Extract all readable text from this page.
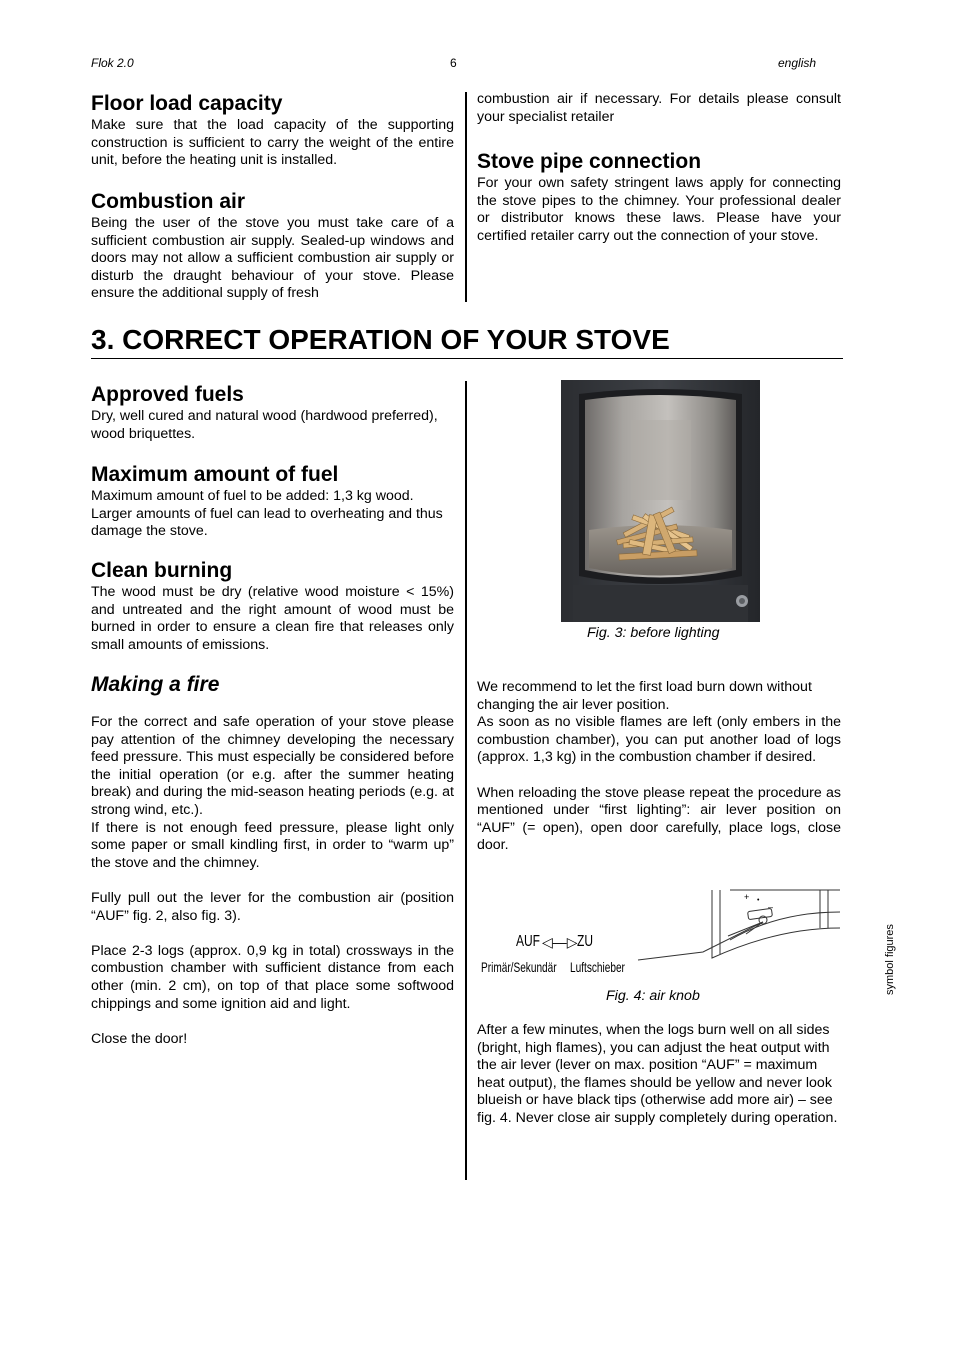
Flok 2.0	6	english
Floor load capacity

Make sure that the load capacity of the supporting construction is sufficient to carry the weight of the entire unit, before the heating unit is installed.

Combustion air

Being the user of the stove you must take care of a sufficient combustion air supply. Sealed-up windows and doors may not allow a sufficient combustion air supply or disturb the draught behaviour of your stove. Please ensure the additional supply of fresh

combustion air if necessary. For details please consult your specialist retailer

Stove pipe connection

For your own safety stringent laws apply for connecting the stove pipes to the chimney. Your professional dealer or distributor knows these laws. Please have your certified retailer carry out the connection of your stove.

3. CORRECT OPERATION OF YOUR STOVE
Approved fuels

Dry, well cured and natural wood (hardwood preferred), wood briquettes.

Maximum amount of fuel

Maximum amount of fuel to be added: 1,3 kg wood. Larger amounts of fuel can lead to overheating and thus damage the stove.

Clean burning

The wood must be dry (relative wood moisture < 15%) and untreated and the right amount of wood must be burned in order to ensure a clean fire that releases only small amounts of emissions.

Making a fire

For the correct and safe operation of your stove please pay attention of the chimney developing the necessary feed pressure. This must especially be considered before the initial operation (or e.g. after the summer heating break) and during the mid-season heating periods (e.g. at strong wind, etc.).

If there is not enough feed pressure, please light only some paper or small kindling first, in order to “warm up” the stove and the chimney.

Fully pull out the lever for the combustion air (position “AUF” fig. 2, also fig. 3).

Place 2-3 logs (approx. 0,9 kg in total) crossways in the combustion chamber with sufficient distance from each other (min. 2 cm), on top of that place some softwood chippings and some ignition aid and light.

Close the door!

Fig. 3: before lighting

We recommend to let the first load burn down without changing the air lever position.

As soon as no visible flames are left (only embers in the combustion chamber), you can put another load of logs (approx. 1,3 kg) in the combustion chamber if desired.

When reloading the stove please repeat the procedure as mentioned under “first lighting”: air lever position on “AUF” (= open), open door carefully, place logs, close door.

+ •
–
AUF ◁—▷ ZU
Primär/Sekundär Luftschieber
Fig. 4: air knob

After a few minutes, when the logs burn well on all sides (bright, high flames), you can adjust the heat output with the air lever (lever on max. position “AUF” = maximum heat output), the flames should be yellow and never look blueish or have black tips (otherwise add more air) – see fig. 4. Never close air supply completely during operation.

symbol figures
